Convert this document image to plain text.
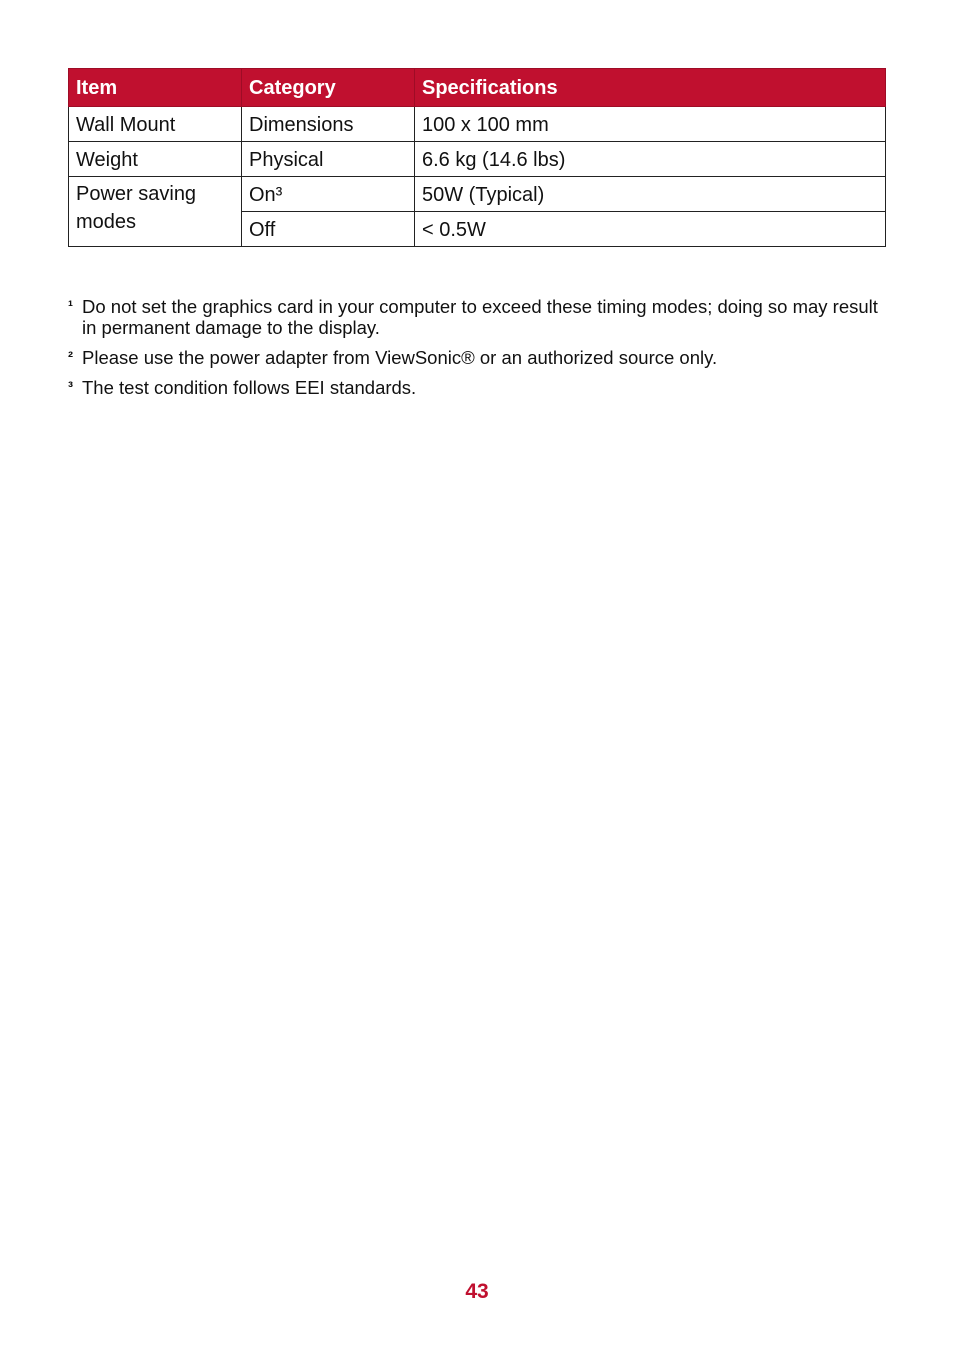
Item	Category	Specifications
Wall Mount	Dimensions	100 x 100 mm
Weight	Physical	6.6 kg (14.6 lbs)
Power saving modes	On³	50W (Typical)
	Off	< 0.5W
¹ Do not set the graphics card in your computer to exceed these timing modes; doing so may result in permanent damage to the display.
² Please use the power adapter from ViewSonic® or an authorized source only.
³ The test condition follows EEI standards.
43
